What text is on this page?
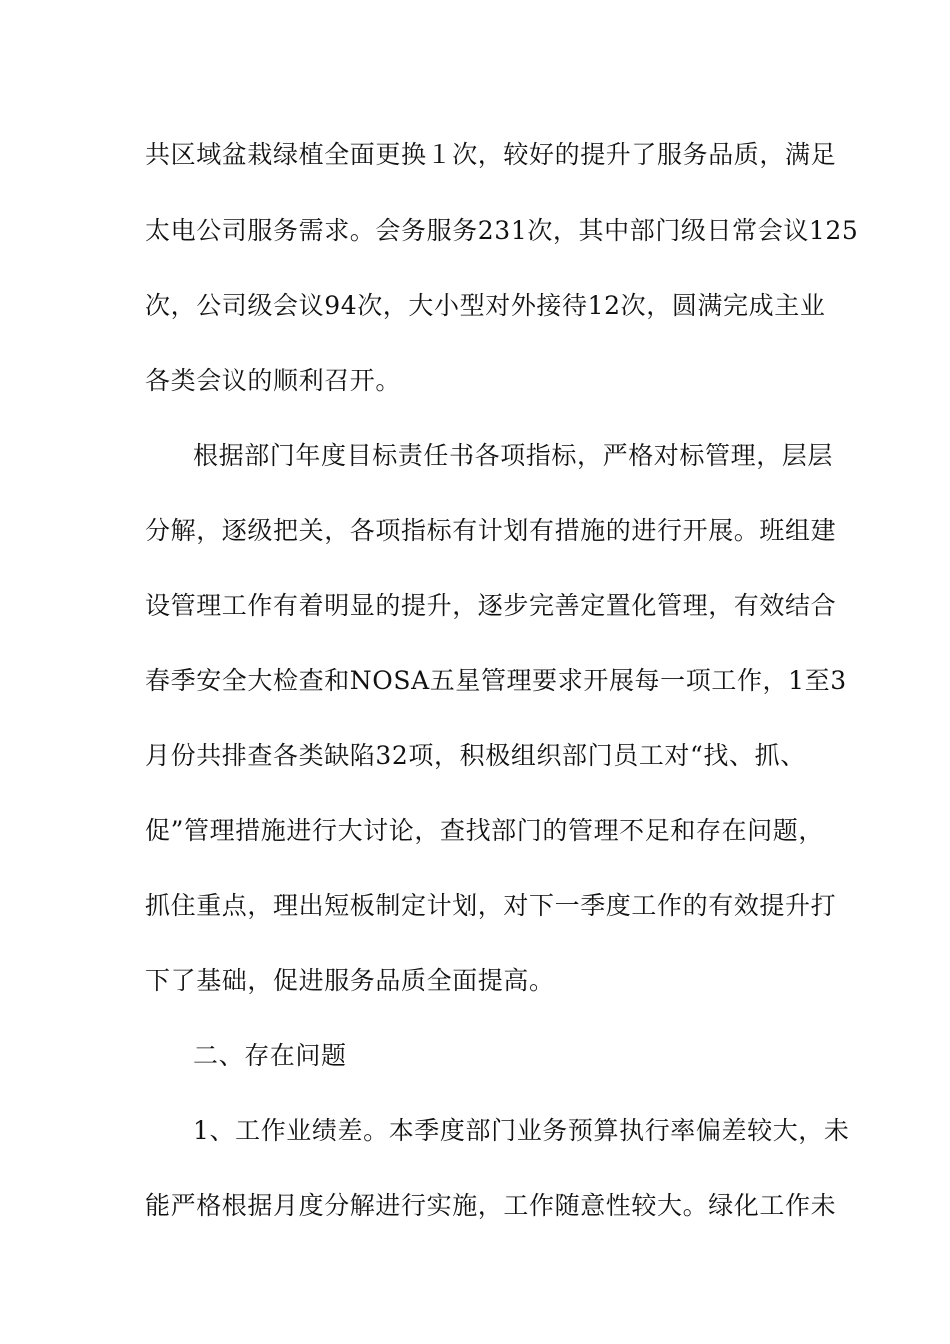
共区域盆栽绿植全面更换１次，较好的提升了服务品质，满足
太电公司服务需求。会务服务231次，其中部门级日常会议125
次，公司级会议94次，大小型对外接待12次，圆满完成主业
各类会议的顺利召开。
根据部门年度目标责任书各项指标，严格对标管理，层层
分解，逐级把关，各项指标有计划有措施的进行开展。班组建
设管理工作有着明显的提升，逐步完善定置化管理，有效结合
春季安全大检查和NOSA五星管理要求开展每一项工作，1至3
月份共排查各类缺陷32项，积极组织部门员工对“找、抓、
促”管理措施进行大讨论，查找部门的管理不足和存在问题，
抓住重点，理出短板制定计划，对下一季度工作的有效提升打
下了基础，促进服务品质全面提高。
二、存在问题
1、工作业绩差。本季度部门业务预算执行率偏差较大，未
能严格根据月度分解进行实施，工作随意性较大。绿化工作未
